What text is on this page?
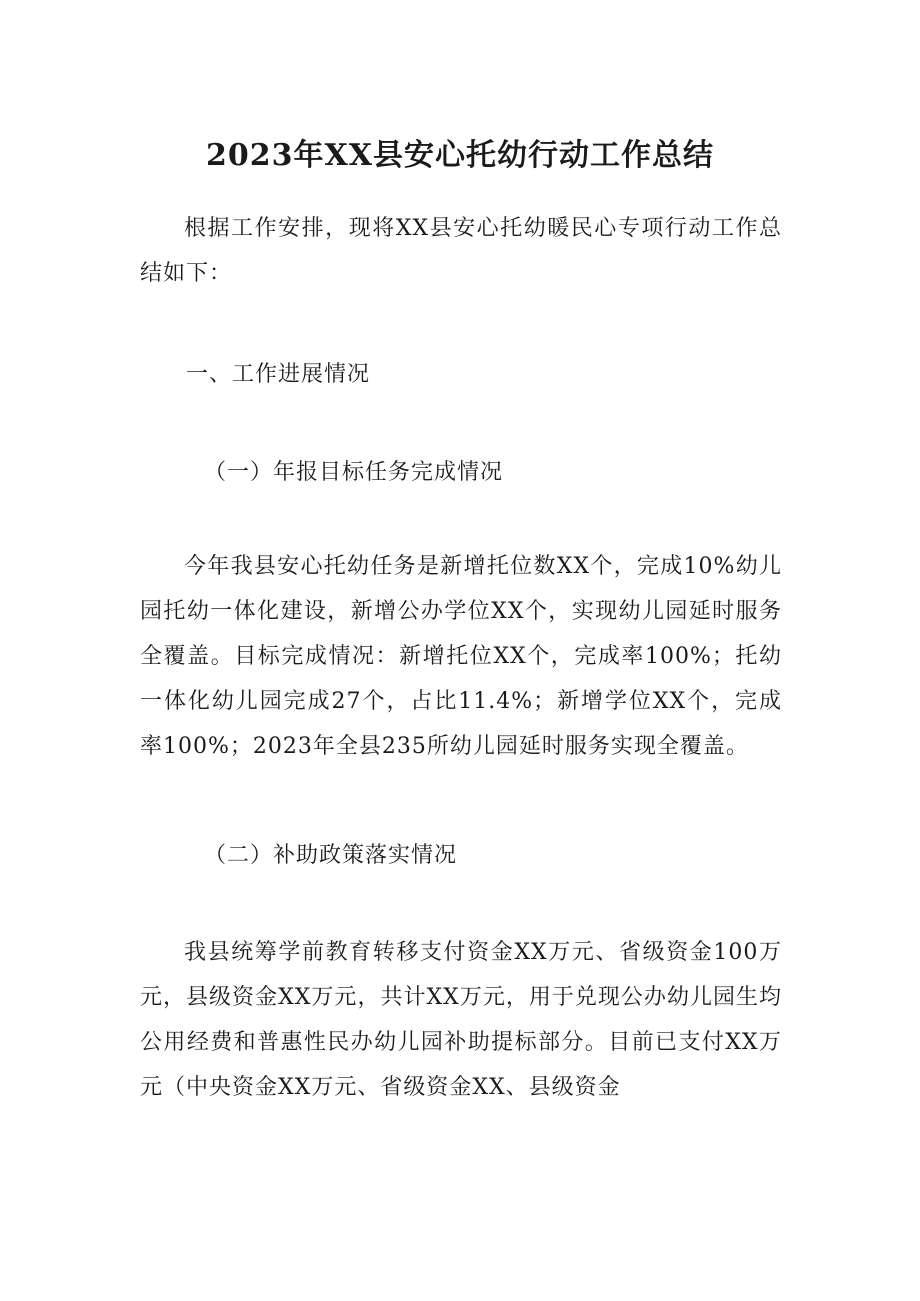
2023年XX县安心托幼行动工作总结
根据工作安排，现将XX县安心托幼暖民心专项行动工作总结如下：
一、工作进展情况
（一）年报目标任务完成情况
今年我县安心托幼任务是新增托位数XX个，完成10%幼儿园托幼一体化建设，新增公办学位XX个，实现幼儿园延时服务全覆盖。目标完成情况：新增托位XX个，完成率100%；托幼一体化幼儿园完成27个，占比11.4%；新增学位XX个，完成率100%；2023年全县235所幼儿园延时服务实现全覆盖。
（二）补助政策落实情况
我县统筹学前教育转移支付资金XX万元、省级资金100万元，县级资金XX万元，共计XX万元，用于兑现公办幼儿园生均公用经费和普惠性民办幼儿园补助提标部分。目前已支付XX万元（中央资金XX万元、省级资金XX、县级资金
